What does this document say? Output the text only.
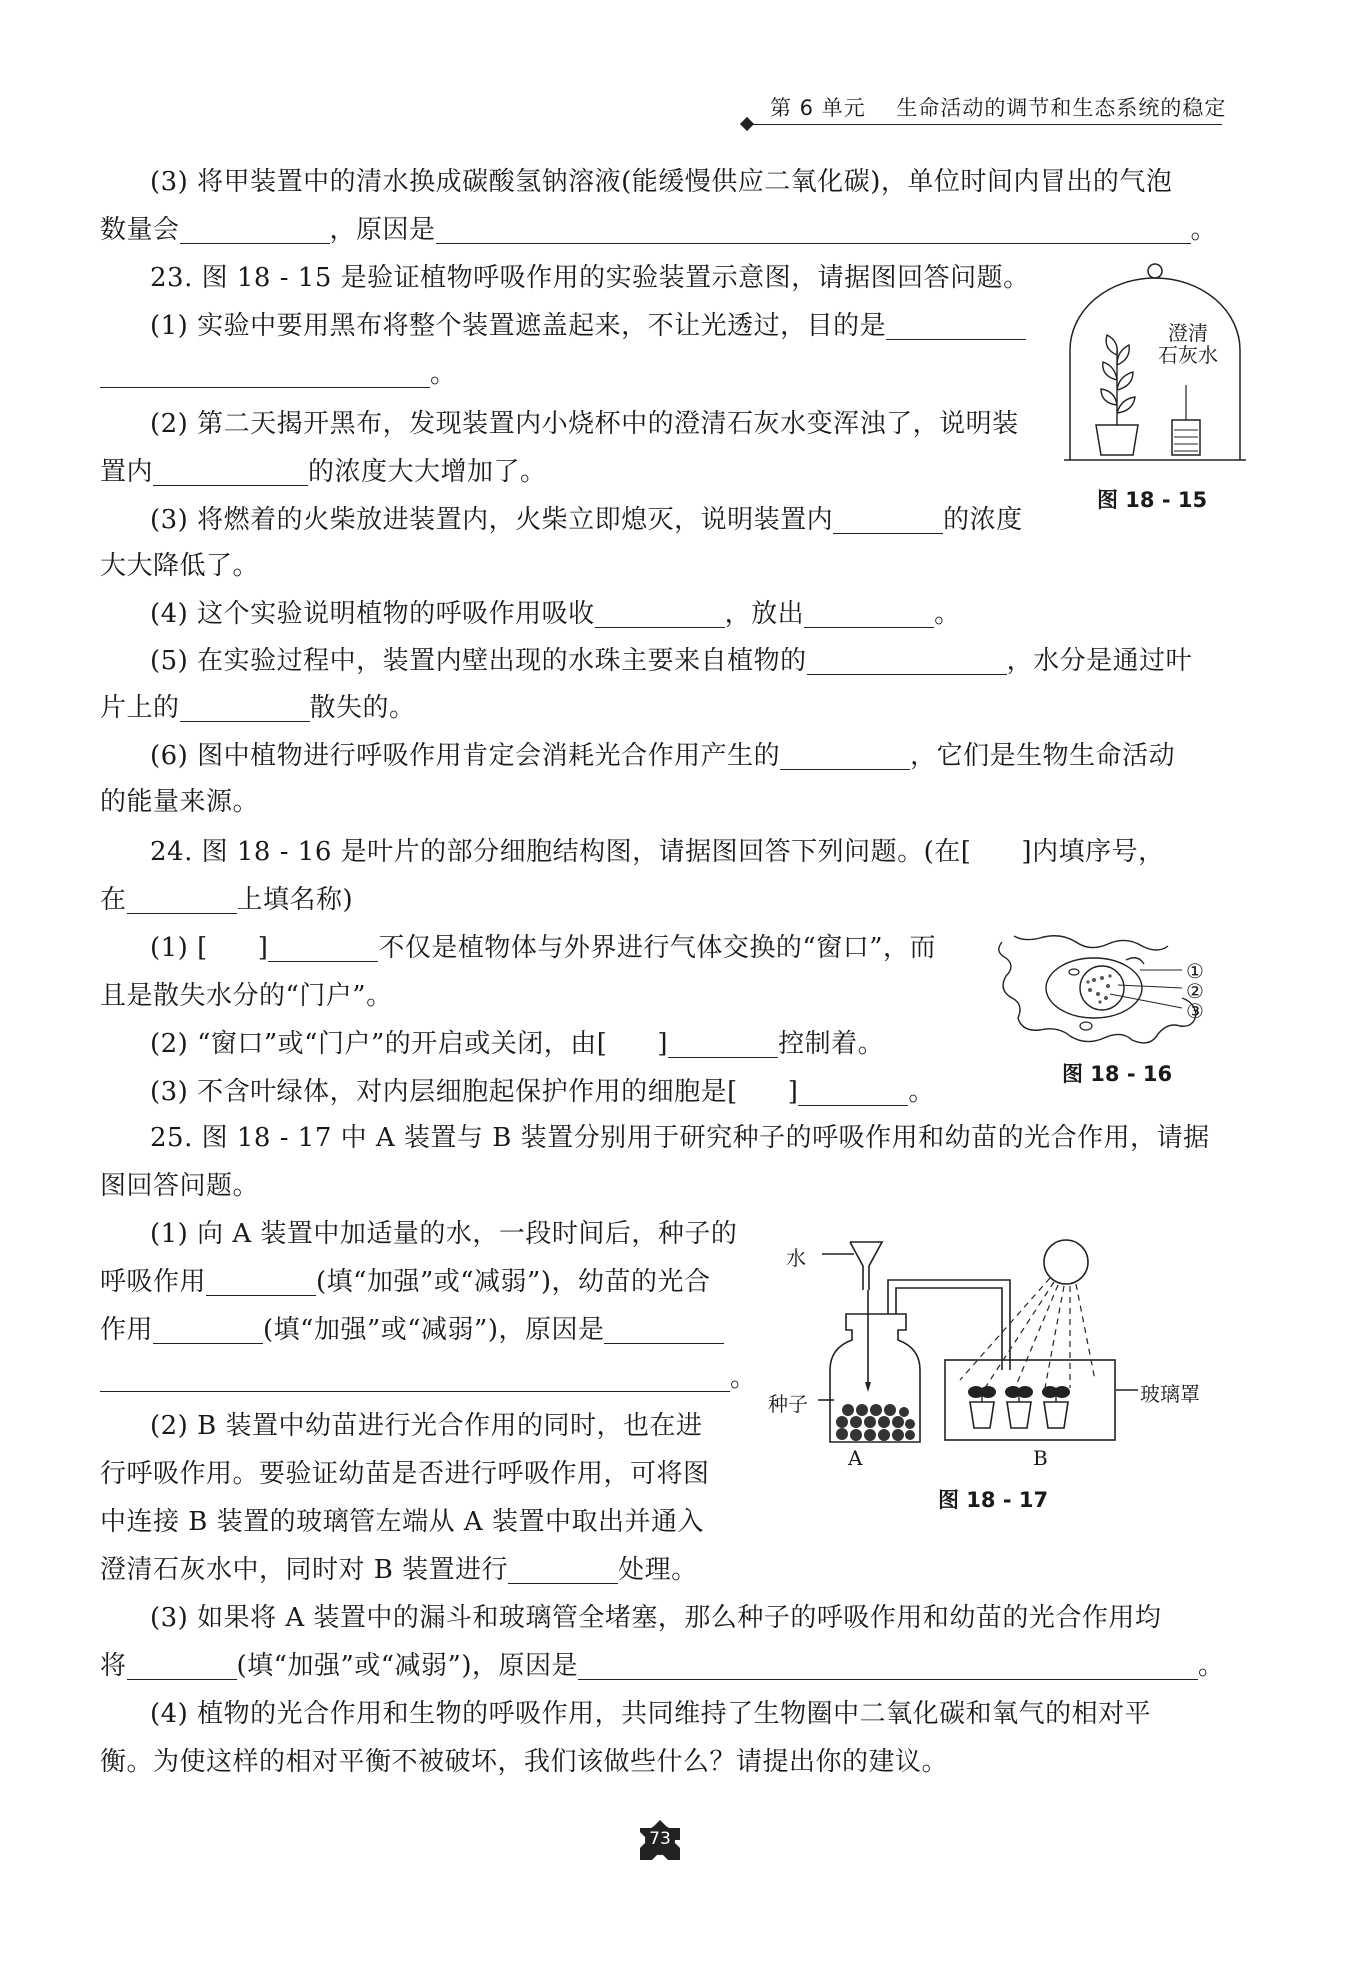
第 6 单元 生命活动的调节和生态系统的稳定
(3) 将甲装置中的清水换成碳酸氢钠溶液(能缓慢供应二氧化碳)，单位时间内冒出的气泡
数量会	，原因是	。
23. 图 18 - 15 是验证植物呼吸作用的实验装置示意图，请据图回答问题。
(1) 实验中要用黑布将整个装置遮盖起来，不让光透过，目的是
。
(2) 第二天揭开黑布，发现装置内小烧杯中的澄清石灰水变浑浊了，说明装
置内	的浓度大大增加了。
(3) 将燃着的火柴放进装置内，火柴立即熄灭，说明装置内	的浓度
大大降低了。
(4) 这个实验说明植物的呼吸作用吸收	，放出	。
(5) 在实验过程中，装置内壁出现的水珠主要来自植物的	，水分是通过叶
片上的	散失的。
(6) 图中植物进行呼吸作用肯定会消耗光合作用产生的	，它们是生物生命活动
的能量来源。
澄清
石灰水
图 18 - 15
24. 图 18 - 16 是叶片的部分细胞结构图，请据图回答下列问题。(在[ ]内填序号，
在	上填名称)
(1) [ ]	不仅是植物体与外界进行气体交换的“窗口”，而
且是散失水分的“门户”。
(2) “窗口”或“门户”的开启或关闭，由[ ]	控制着。
(3) 不含叶绿体，对内层细胞起保护作用的细胞是[ ]	。
①
②
③
图 18 - 16
25. 图 18 - 17 中 A 装置与 B 装置分别用于研究种子的呼吸作用和幼苗的光合作用，请据
图回答问题。
(1) 向 A 装置中加适量的水，一段时间后，种子的
呼吸作用	(填“加强”或“减弱”)，幼苗的光合
作用	(填“加强”或“减弱”)，原因是
。
(2) B 装置中幼苗进行光合作用的同时，也在进
行呼吸作用。要验证幼苗是否进行呼吸作用，可将图
中连接 B 装置的玻璃管左端从 A 装置中取出并通入
澄清石灰水中，同时对 B 装置进行	处理。
(3) 如果将 A 装置中的漏斗和玻璃管全堵塞，那么种子的呼吸作用和幼苗的光合作用均
将	(填“加强”或“减弱”)，原因是	。
(4) 植物的光合作用和生物的呼吸作用，共同维持了生物圈中二氧化碳和氧气的相对平
衡。为使这样的相对平衡不被破坏，我们该做些什么？请提出你的建议。
水
种子	玻璃罩
A	B
图 18 - 17
73
